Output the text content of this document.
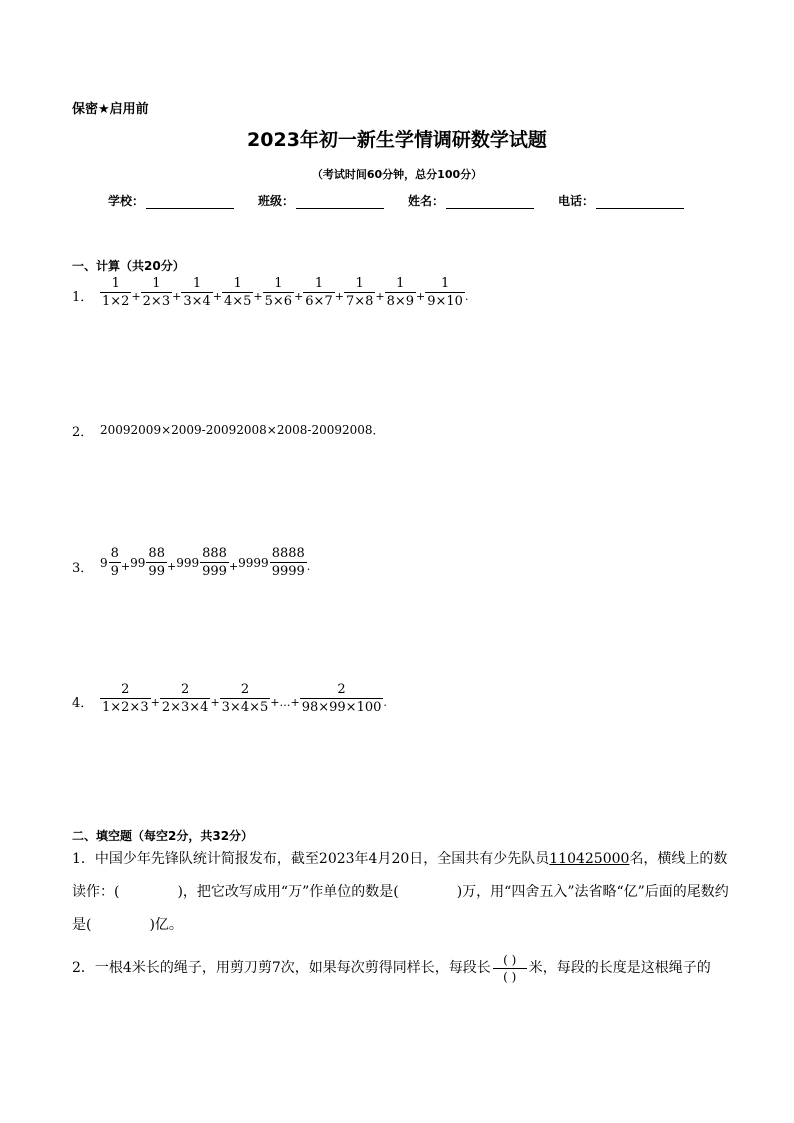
保密★启用前
2023年初一新生学情调研数学试题
（考试时间60分钟，总分100分）
学校：	班级：	姓名：	电话：
一、计算（共20分）
1． $\frac{1}{1\times 2} + \frac{1}{2\times 3} + \frac{1}{3\times 4} + \frac{1}{4\times 5} + \frac{1}{5\times 6} + \frac{1}{6\times 7} + \frac{1}{7\times 8} + \frac{1}{8\times 9} + \frac{1}{9\times 10}$ .
2． 20092009×2009-20092008×2008-20092008．
3． $9 \frac{8}{9} + 99 \frac{88}{99} + 999 \frac{888}{999} + 9999 \frac{8888}{9999}$ .
4． $\frac{2}{1\times 2\times 3} + \frac{2}{2\times 3\times 4} + \frac{2}{3\times 4\times 5}$ +…+ $\frac{2}{98\times 99\times 100}$ .
二、填空题（每空2分，共32分）
1．中国少年先锋队统计简报发布，截至2023年4月20日，全国共有少先队员110425000名，横线上的数读作：(	)，把它改写成用“万”作单位的数是(	)万，用“四舍五入”法省略“亿”后面的尾数约是(	)亿。
2．一根4米长的绳子，用剪刀剪7次，如果每次剪得同样长，每段长 $\frac{( )}{( )}$ 米，每段的长度是这根绳子的
